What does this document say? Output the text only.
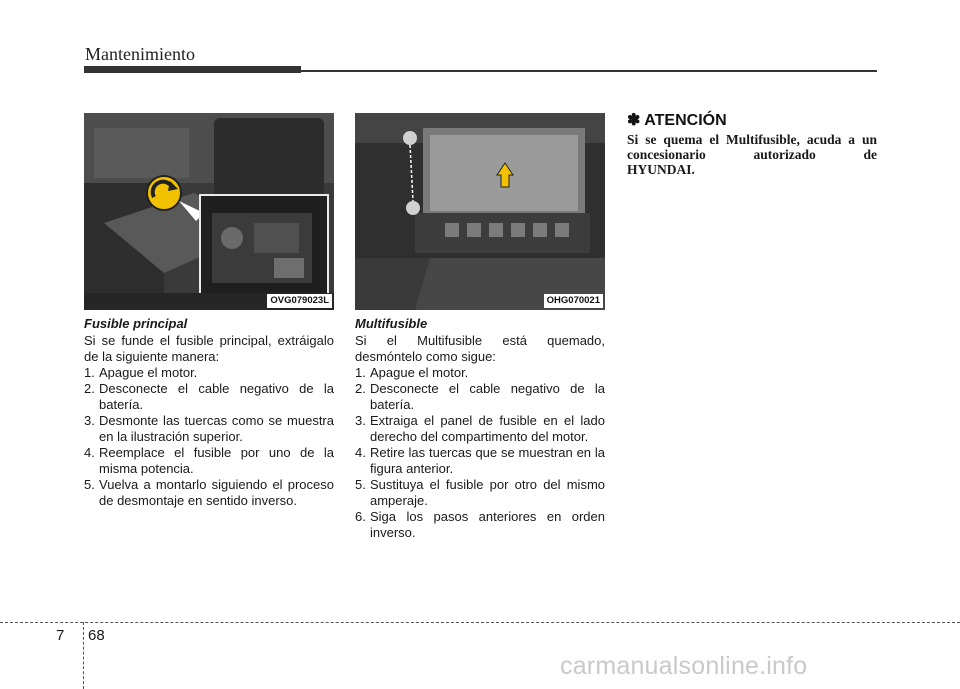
Mantenimiento
OVG079023L	OHG070021
Fusible principal

Si se funde el fusible principal, extráigalo de la siguiente manera:

1. Apague el motor.
2. Desconecte el cable negativo de la batería.
3. Desmonte las tuercas como se muestra en la ilustración superior.
4. Reemplace el fusible por uno de la misma potencia.
5. Vuelva a montarlo siguiendo el proceso de desmontaje en sentido inverso.
Multifusible

Si el Multifusible está quemado, desmóntelo como sigue:

1. Apague el motor.
2. Desconecte el cable negativo de la batería.
3. Extraiga el panel de fusible en el lado derecho del compartimento del motor.
4. Retire las tuercas que se muestran en la figura anterior.
5. Sustituya el fusible por otro del mismo amperaje.
6. Siga los pasos anteriores en orden inverso.
✽ ATENCIÓN
Si se quema el Multifusible, acuda a un
concesionario autorizado de
HYUNDAI.
7 68
carmanualsonline.info
